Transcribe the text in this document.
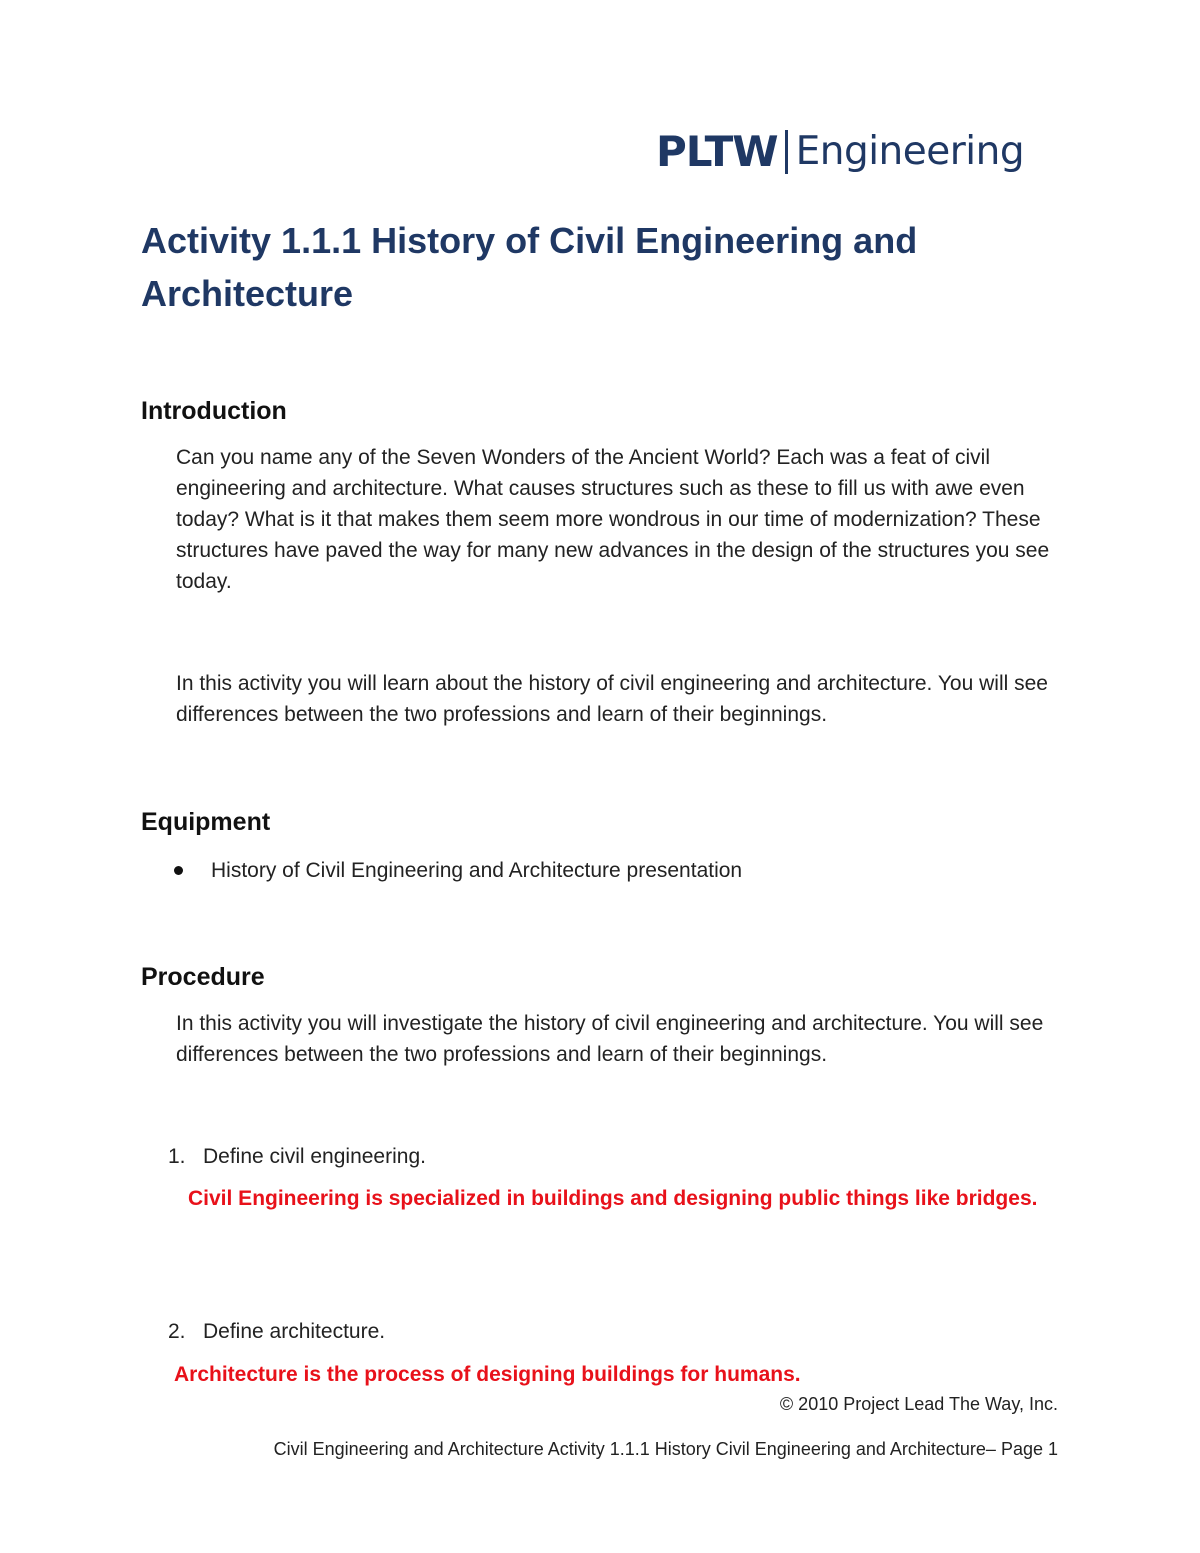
PLTW Engineering
Activity 1.1.1 History of Civil Engineering and Architecture
Introduction

Can you name any of the Seven Wonders of the Ancient World? Each was a feat of civil engineering and architecture. What causes structures such as these to fill us with awe even today? What is it that makes them seem more wondrous in our time of modernization? These structures have paved the way for many new advances in the design of the structures you see today.

In this activity you will learn about the history of civil engineering and architecture. You will see differences between the two professions and learn of their beginnings.

Equipment
History of Civil Engineering and Architecture presentation
Procedure

In this activity you will investigate the history of civil engineering and architecture. You will see differences between the two professions and learn of their beginnings.

1. Define civil engineering.

Civil Engineering is specialized in buildings and designing public things like bridges.

2. Define architecture.

Architecture is the process of designing buildings for humans.

© 2010 Project Lead The Way, Inc.
Civil Engineering and Architecture Activity 1.1.1 History Civil Engineering and Architecture– Page 1
